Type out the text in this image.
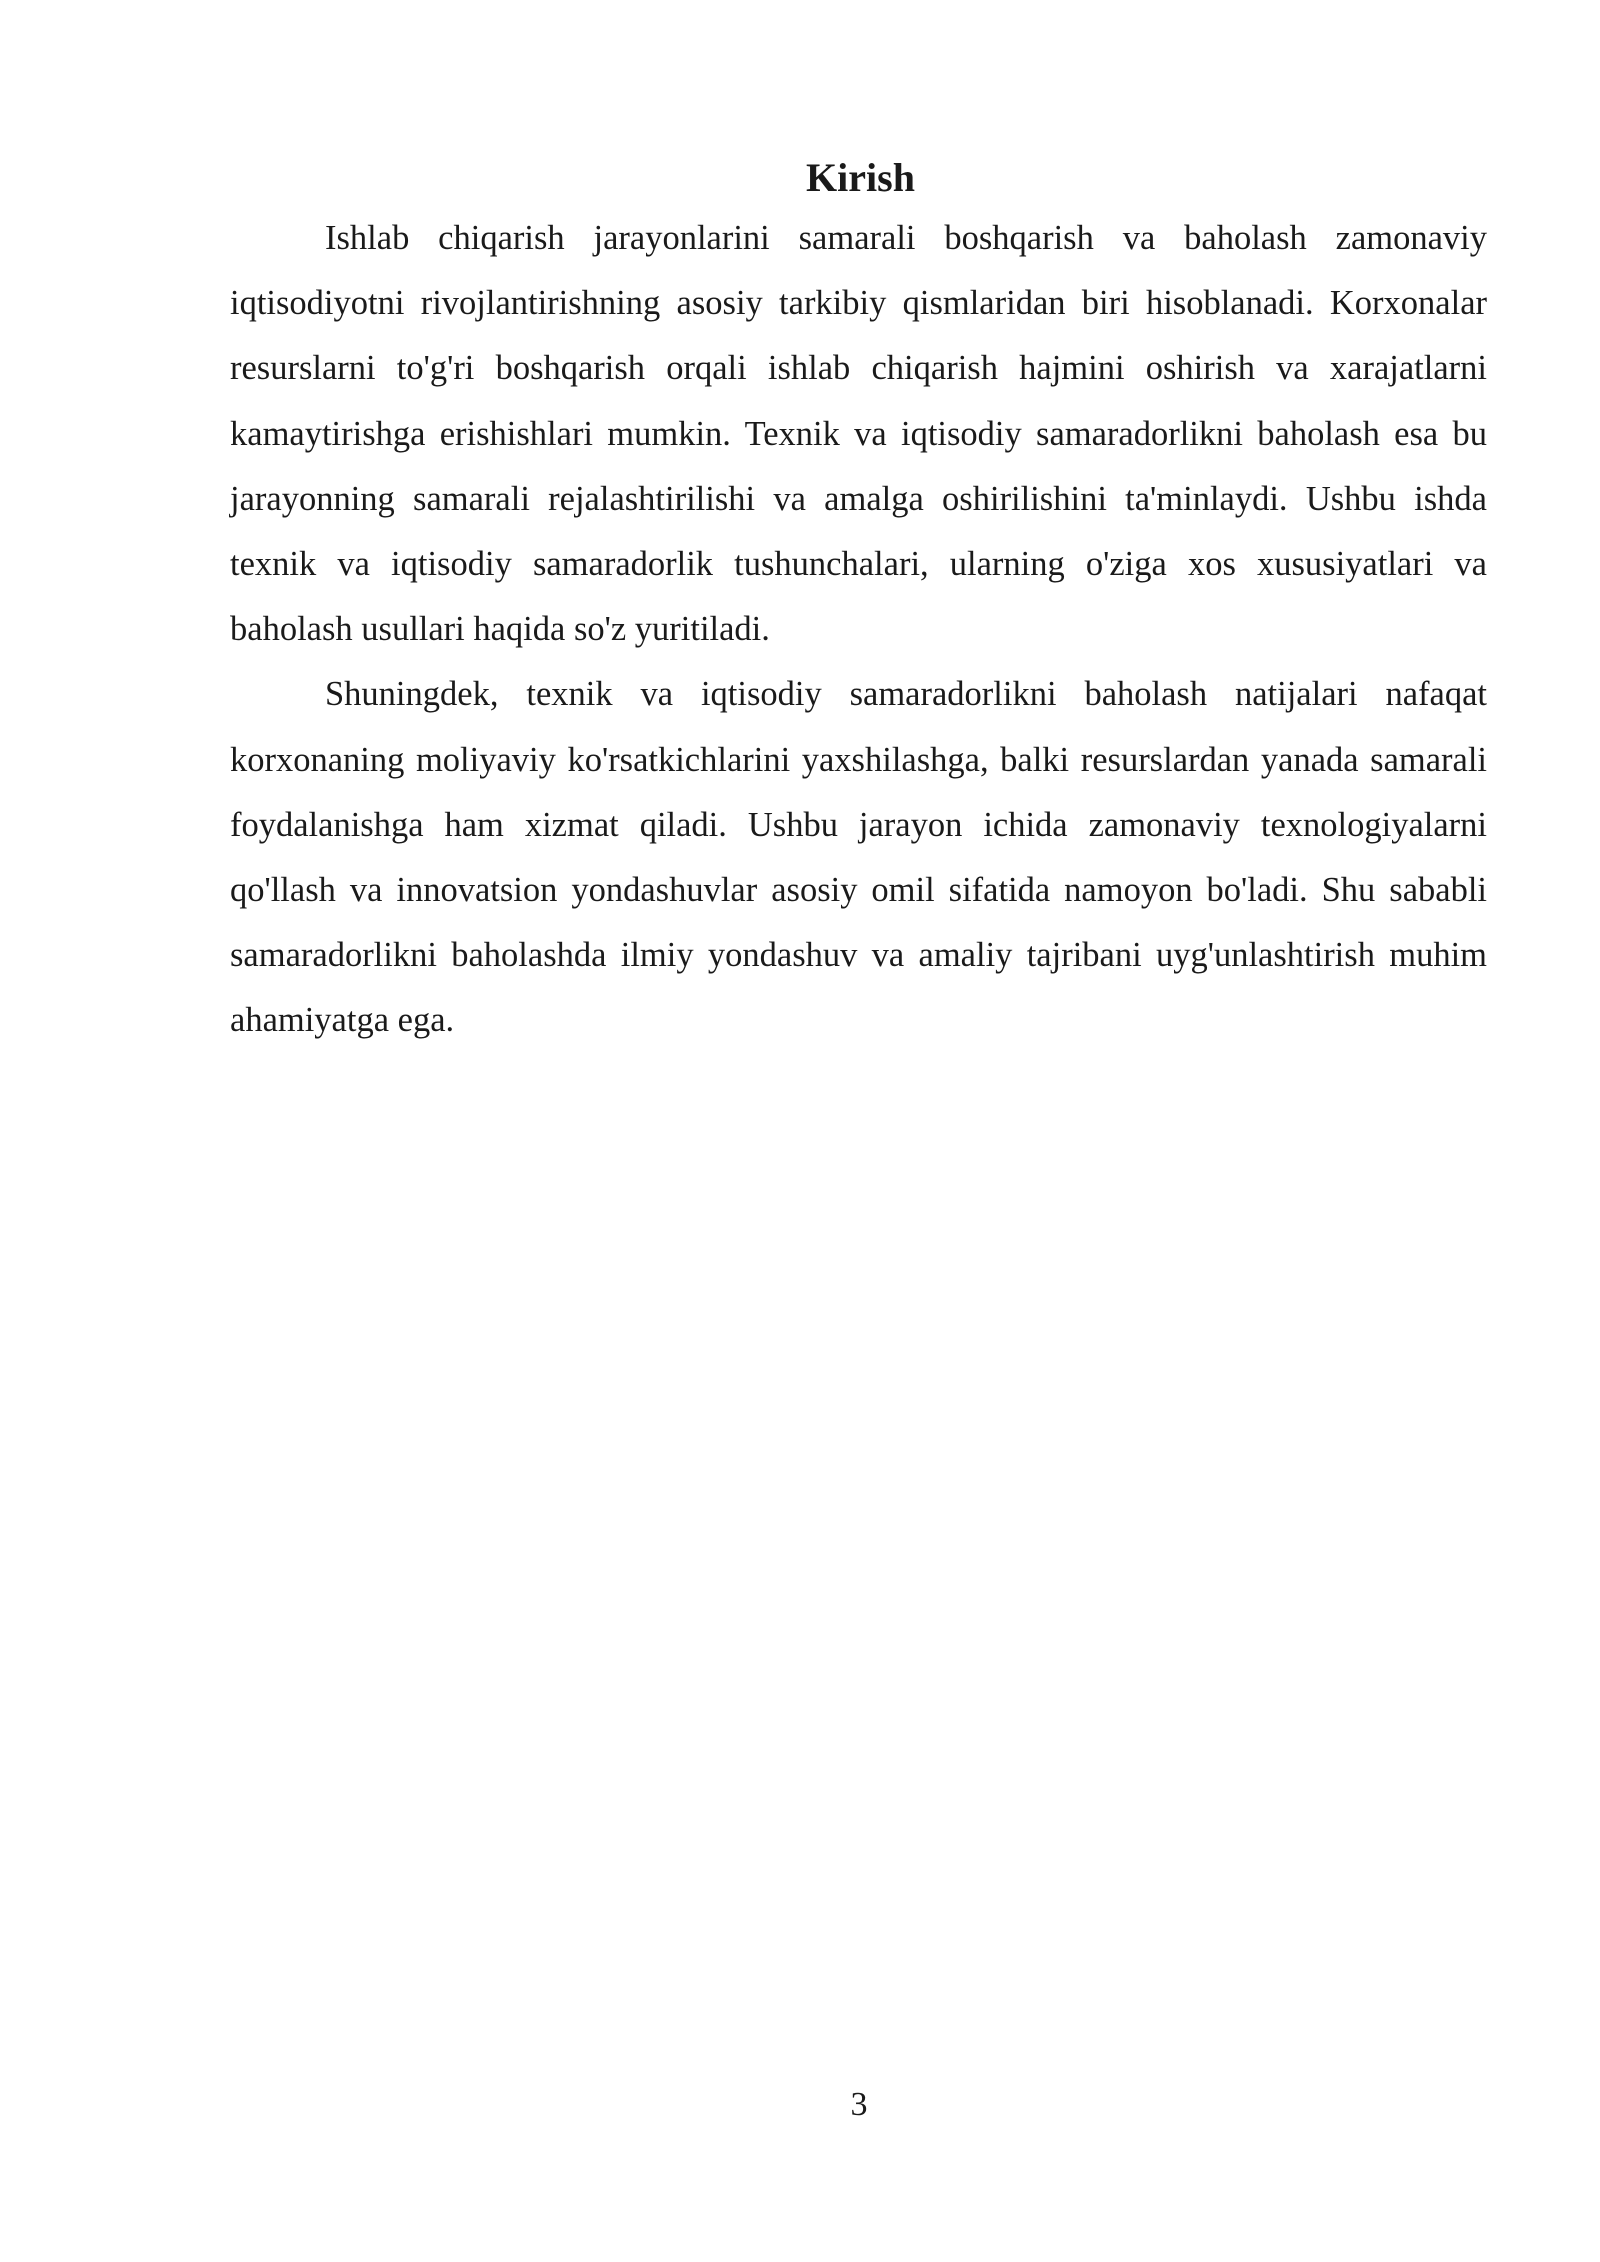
Kirish

Ishlab chiqarish jarayonlarini samarali boshqarish va baholash zamonaviy iqtisodiyotni rivojlantirishning asosiy tarkibiy qismlaridan biri hisoblanadi. Korxonalar resurslarni to'g'ri boshqarish orqali ishlab chiqarish hajmini oshirish va xarajatlarni kamaytirishga erishishlari mumkin. Texnik va iqtisodiy samaradorlikni baholash esa bu jarayonning samarali rejalashtirilishi va amalga oshirilishini ta'minlaydi. Ushbu ishda texnik va iqtisodiy samaradorlik tushunchalari, ularning o'ziga xos xususiyatlari va baholash usullari haqida so'z yuritiladi.

Shuningdek, texnik va iqtisodiy samaradorlikni baholash natijalari nafaqat korxonaning moliyaviy ko'rsatkichlarini yaxshilashga, balki resurslardan yanada samarali foydalanishga ham xizmat qiladi. Ushbu jarayon ichida zamonaviy texnologiyalarni qo'llash va innovatsion yondashuvlar asosiy omil sifatida namoyon bo'ladi. Shu sababli samaradorlikni baholashda ilmiy yondashuv va amaliy tajribani uyg'unlashtirish muhim ahamiyatga ega.

3
